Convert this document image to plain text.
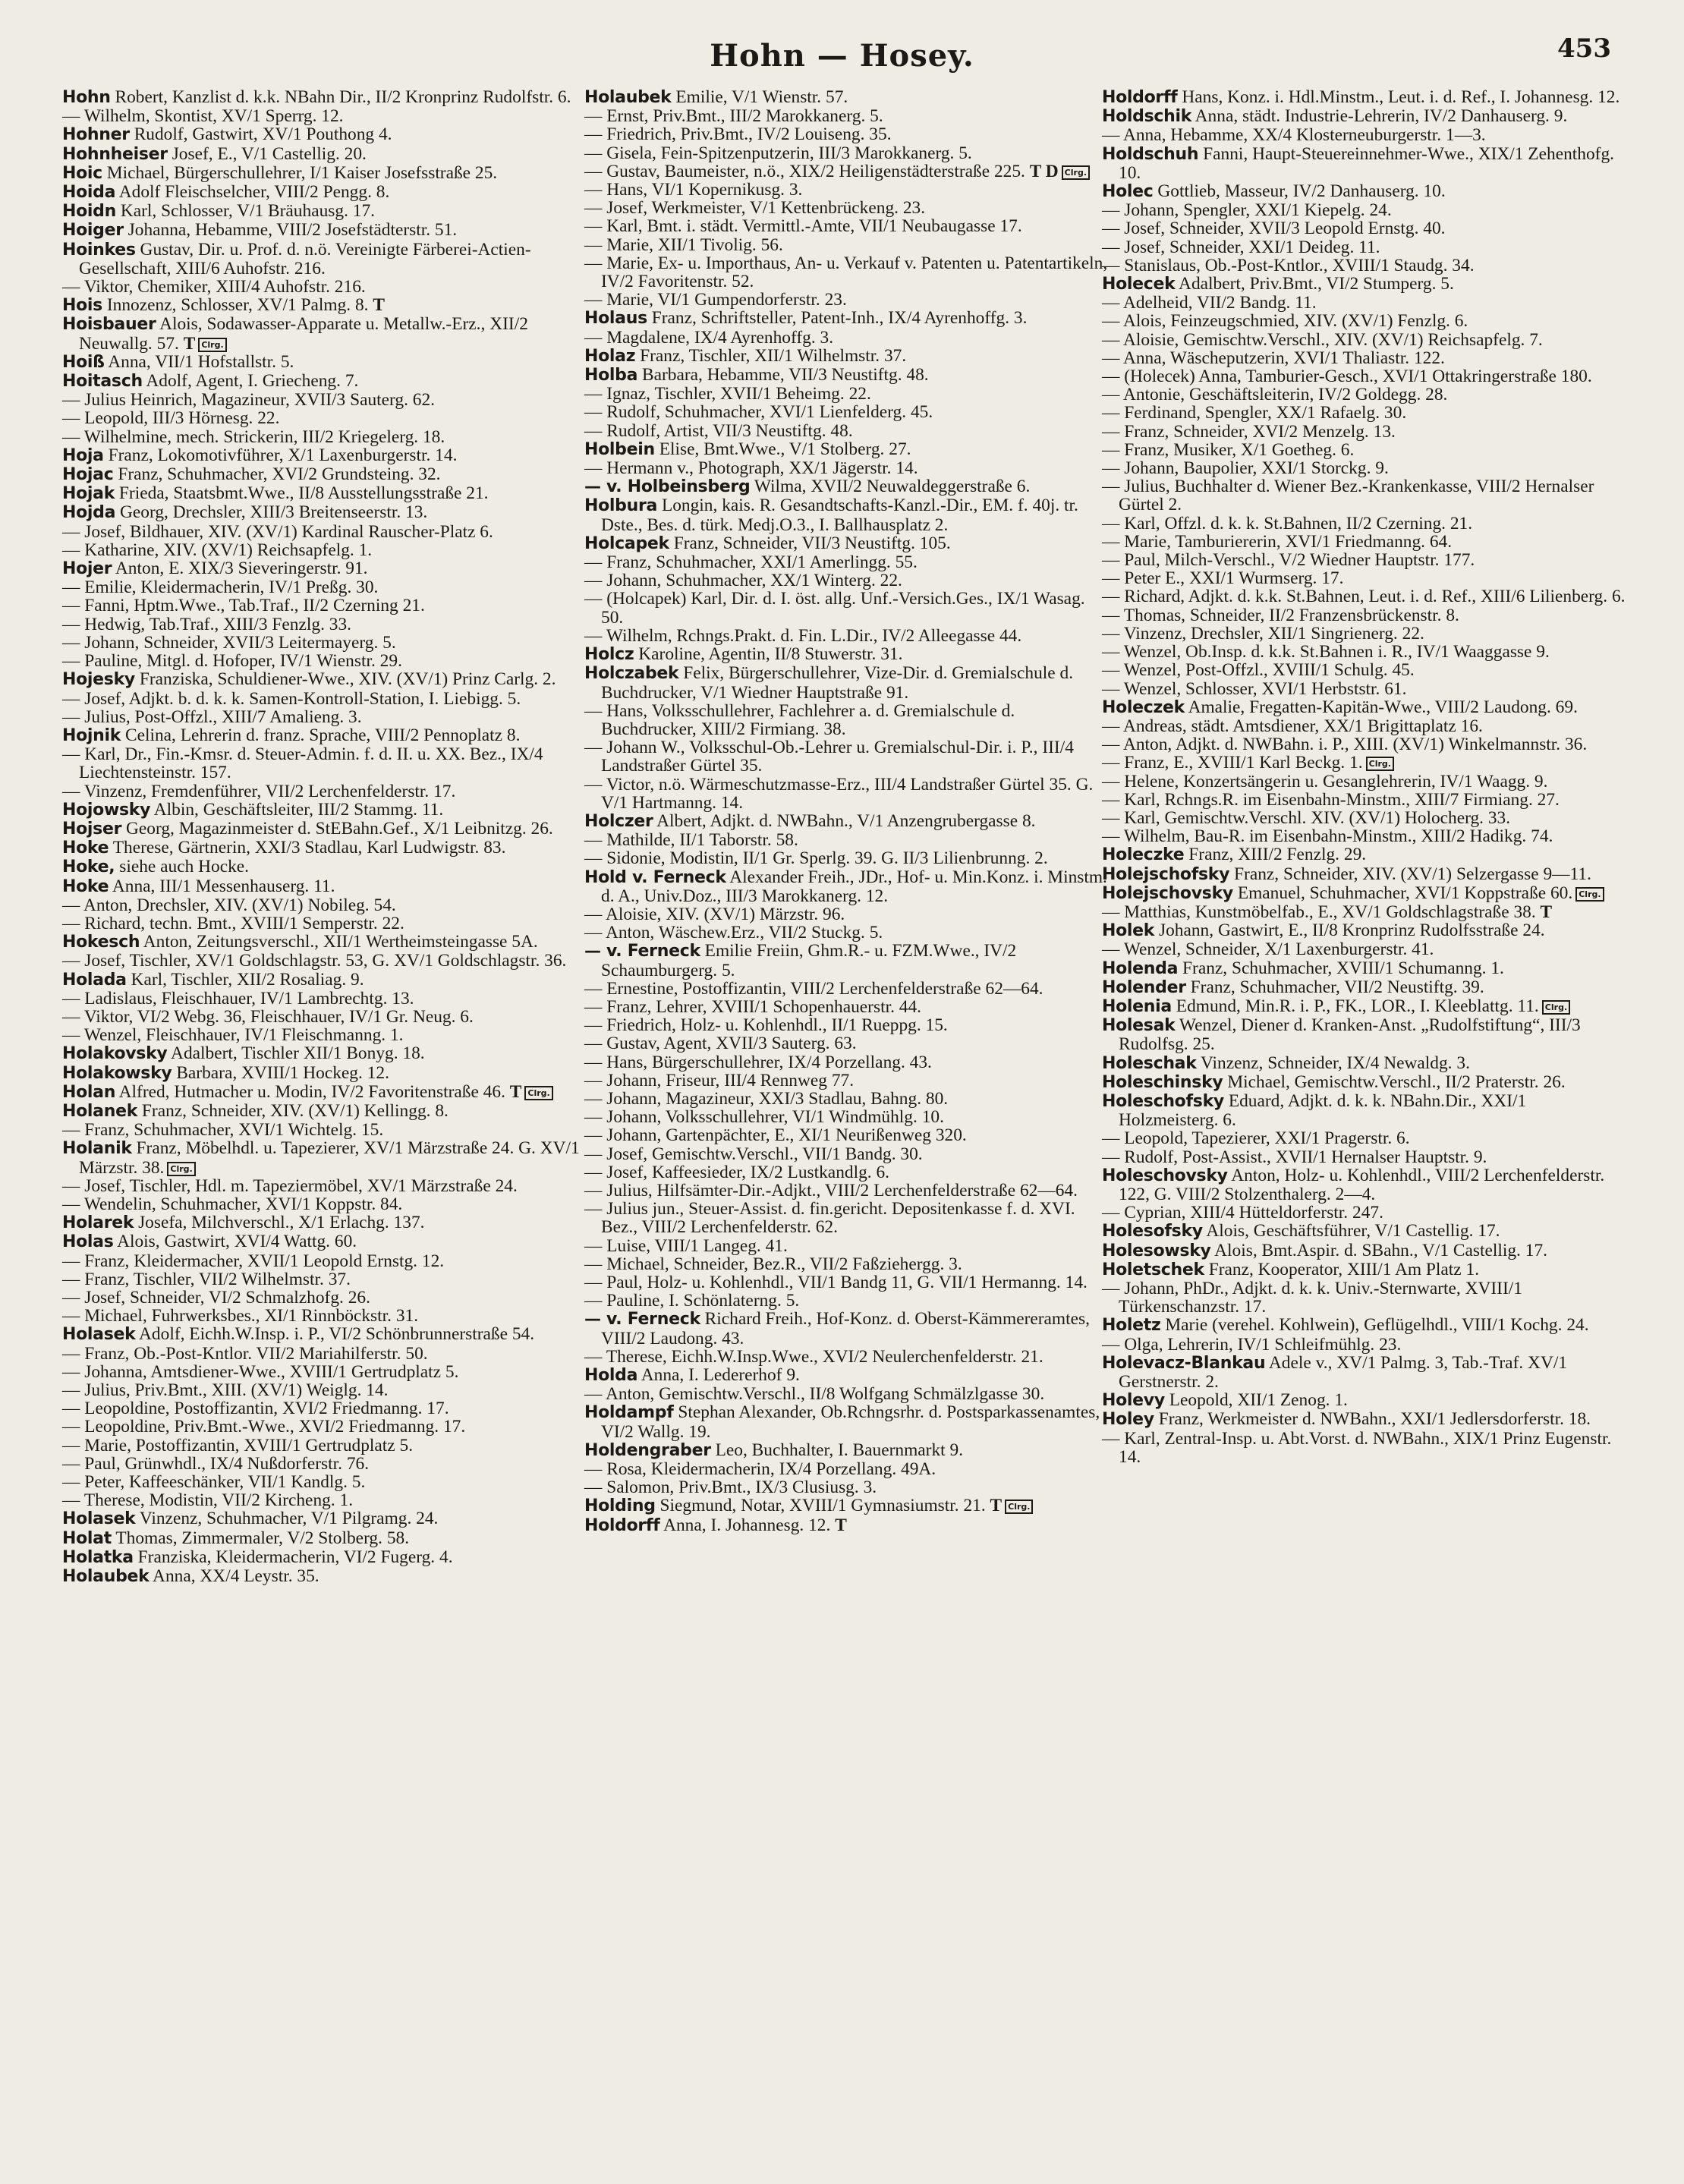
Hohn — Hosey.	453
Hohn Robert, Kanzlist d. k.k. NBahn Dir., II/2 Kronprinz Rudolfstr. 6.
— Wilhelm, Skontist, XV/1 Sperrg. 12.
Hohner Rudolf, Gastwirt, XV/1 Pouthong 4.
Hohnheiser Josef, E., V/1 Castellig. 20.
Hoic Michael, Bürgerschullehrer, I/1 Kaiser Josefsstraße 25.
Hoida Adolf Fleischselcher, VIII/2 Pengg. 8.
Hoidn Karl, Schlosser, V/1 Bräuhausg. 17.
Hoiger Johanna, Hebamme, VIII/2 Josefstädterstr. 51.
Hoinkes Gustav, Dir. u. Prof. d. n.ö. Vereinigte Färberei-Actien-Gesellschaft, XIII/6 Auhofstr. 216.
— Viktor, Chemiker, XIII/4 Auhofstr. 216.
Hois Innozenz, Schlosser, XV/1 Palmg. 8. T
Hoisbauer Alois, Sodawasser-Apparate u. Metallw.-Erz., XII/2 Neuwallg. 57. T Clrg.
Hoiß Anna, VII/1 Hofstallstr. 5.
Hoitasch Adolf, Agent, I. Griecheng. 7.
— Julius Heinrich, Magazineur, XVII/3 Sauterg. 62.
— Leopold, III/3 Hörnesg. 22.
— Wilhelmine, mech. Strickerin, III/2 Kriegelerg. 18.
Hoja Franz, Lokomotivführer, X/1 Laxenburgerstr. 14.
Hojac Franz, Schuhmacher, XVI/2 Grundsteing. 32.
Hojak Frieda, Staatsbmt.Wwe., II/8 Ausstellungsstraße 21.
Hojda Georg, Drechsler, XIII/3 Breitenseerstr. 13.
— Josef, Bildhauer, XIV. (XV/1) Kardinal Rauscher-Platz 6.
— Katharine, XIV. (XV/1) Reichsapfelg. 1.
Hojer Anton, E. XIX/3 Sieveringerstr. 91.
— Emilie, Kleidermacherin, IV/1 Preßg. 30.
— Fanni, Hptm.Wwe., Tab.Traf., II/2 Czerning 21.
— Hedwig, Tab.Traf., XIII/3 Fenzlg. 33.
— Johann, Schneider, XVII/3 Leitermayerg. 5.
— Pauline, Mitgl. d. Hofoper, IV/1 Wienstr. 29.
Hojesky Franziska, Schuldiener-Wwe., XIV. (XV/1) Prinz Carlg. 2.
— Josef, Adjkt. b. d. k. k. Samen-Kontroll-Station, I. Liebigg. 5.
— Julius, Post-Offzl., XIII/7 Amalieng. 3.
Hojnik Celina, Lehrerin d. franz. Sprache, VIII/2 Pennoplatz 8.
— Karl, Dr., Fin.-Kmsr. d. Steuer-Admin. f. d. II. u. XX. Bez., IX/4 Liechtensteinstr. 157.
— Vinzenz, Fremdenführer, VII/2 Lerchenfelderstr. 17.
Hojowsky Albin, Geschäftsleiter, III/2 Stammg. 11.
Hojser Georg, Magazinmeister d. StEBahn.Gef., X/1 Leibnitzg. 26.
Hoke Therese, Gärtnerin, XXI/3 Stadlau, Karl Ludwigstr. 83.
Hoke, siehe auch Hocke.
Hoke Anna, III/1 Messenhauserg. 11.
— Anton, Drechsler, XIV. (XV/1) Nobileg. 54.
— Richard, techn. Bmt., XVIII/1 Semperstr. 22.
Hokesch Anton, Zeitungsverschl., XII/1 Wertheimsteingasse 5A.
— Josef, Tischler, XV/1 Goldschlagstr. 53, G. XV/1 Goldschlagstr. 36.
Holada Karl, Tischler, XII/2 Rosaliag. 9.
— Ladislaus, Fleischhauer, IV/1 Lambrechtg. 13.
— Viktor, VI/2 Webg. 36, Fleischhauer, IV/1 Gr. Neug. 6.
— Wenzel, Fleischhauer, IV/1 Fleischmanng. 1.
Holakovsky Adalbert, Tischler XII/1 Bonyg. 18.
Holakowsky Barbara, XVIII/1 Hockeg. 12.
Holan Alfred, Hutmacher u. Modin, IV/2 Favoritenstraße 46. T Clrg.
Holanek Franz, Schneider, XIV. (XV/1) Kellingg. 8.
— Franz, Schuhmacher, XVI/1 Wichtelg. 15.
Holanik Franz, Möbelhdl. u. Tapezierer, XV/1 Märzstraße 24. G. XV/1 Märzstr. 38. Clrg.
— Josef, Tischler, Hdl. m. Tapeziermöbel, XV/1 Märzstraße 24.
— Wendelin, Schuhmacher, XVI/1 Koppstr. 84.
Holarek Josefa, Milchverschl., X/1 Erlachg. 137.
Holas Alois, Gastwirt, XVI/4 Wattg. 60.
— Franz, Kleidermacher, XVII/1 Leopold Ernstg. 12.
— Franz, Tischler, VII/2 Wilhelmstr. 37.
— Josef, Schneider, VI/2 Schmalzhofg. 26.
— Michael, Fuhrwerksbes., XI/1 Rinnböckstr. 31.
Holasek Adolf, Eichh.W.Insp. i. P., VI/2 Schönbrunnerstraße 54.
— Franz, Ob.-Post-Kntlor. VII/2 Mariahilferstr. 50.
— Johanna, Amtsdiener-Wwe., XVIII/1 Gertrudplatz 5.
— Julius, Priv.Bmt., XIII. (XV/1) Weiglg. 14.
— Leopoldine, Postoffizantin, XVI/2 Friedmanng. 17.
— Leopoldine, Priv.Bmt.-Wwe., XVI/2 Friedmanng. 17.
— Marie, Postoffizantin, XVIII/1 Gertrudplatz 5.
— Paul, Grünwhdl., IX/4 Nußdorferstr. 76.
— Peter, Kaffeeschänker, VII/1 Kandlg. 5.
— Therese, Modistin, VII/2 Kircheng. 1.
Holasek Vinzenz, Schuhmacher, V/1 Pilgramg. 24.
Holat Thomas, Zimmermaler, V/2 Stolberg. 58.
Holatka Franziska, Kleidermacherin, VI/2 Fugerg. 4.
Holaubek Anna, XX/4 Leystr. 35.
Holaubek Emilie, V/1 Wienstr. 57.
— Ernst, Priv.Bmt., III/2 Marokkanerg. 5.
— Friedrich, Priv.Bmt., IV/2 Louiseng. 35.
— Gisela, Fein-Spitzenputzerin, III/3 Marokkanerg. 5.
— Gustav, Baumeister, n.ö., XIX/2 Heiligenstädterstraße 225. T D Clrg.
— Hans, VI/1 Kopernikusg. 3.
— Josef, Werkmeister, V/1 Kettenbrückeng. 23.
— Karl, Bmt. i. städt. Vermittl.-Amte, VII/1 Neubaugasse 17.
— Marie, XII/1 Tivolig. 56.
— Marie, Ex- u. Importhaus, An- u. Verkauf v. Patenten u. Patentartikeln, IV/2 Favoritenstr. 52.
— Marie, VI/1 Gumpendorferstr. 23.
Holaus Franz, Schriftsteller, Patent-Inh., IX/4 Ayrenhoffg. 3.
— Magdalene, IX/4 Ayrenhoffg. 3.
Holaz Franz, Tischler, XII/1 Wilhelmstr. 37.
Holba Barbara, Hebamme, VII/3 Neustiftg. 48.
— Ignaz, Tischler, XVII/1 Beheimg. 22.
— Rudolf, Schuhmacher, XVI/1 Lienfelderg. 45.
— Rudolf, Artist, VII/3 Neustiftg. 48.
Holbein Elise, Bmt.Wwe., V/1 Stolberg. 27.
— Hermann v., Photograph, XX/1 Jägerstr. 14.
— v. Holbeinsberg Wilma, XVII/2 Neuwaldeggerstraße 6.
Holbura Longin, kais. R. Gesandtschafts-Kanzl.-Dir., EM. f. 40j. tr. Dste., Bes. d. türk. Medj.O.3., I. Ballhausplatz 2.
Holcapek Franz, Schneider, VII/3 Neustiftg. 105.
— Franz, Schuhmacher, XXI/1 Amerlingg. 55.
— Johann, Schuhmacher, XX/1 Winterg. 22.
— (Holcapek) Karl, Dir. d. I. öst. allg. Unf.-Versich.Ges., IX/1 Wasag. 50.
— Wilhelm, Rchngs.Prakt. d. Fin. L.Dir., IV/2 Alleegasse 44.
Holcz Karoline, Agentin, II/8 Stuwerstr. 31.
Holczabek Felix, Bürgerschullehrer, Vize-Dir. d. Gremialschule d. Buchdrucker, V/1 Wiedner Hauptstraße 91.
— Hans, Volksschullehrer, Fachlehrer a. d. Gremialschule d. Buchdrucker, XIII/2 Firmiang. 38.
— Johann W., Volksschul-Ob.-Lehrer u. Gremialschul-Dir. i. P., III/4 Landstraßer Gürtel 35.
— Victor, n.ö. Wärmeschutzmasse-Erz., III/4 Landstraßer Gürtel 35. G. V/1 Hartmanng. 14.
Holczer Albert, Adjkt. d. NWBahn., V/1 Anzengrubergasse 8.
— Mathilde, II/1 Taborstr. 58.
— Sidonie, Modistin, II/1 Gr. Sperlg. 39. G. II/3 Lilienbrunng. 2.
Hold v. Ferneck Alexander Freih., JDr., Hof- u. Min.Konz. i. Minstm. d. A., Univ.Doz., III/3 Marokkanerg. 12.
— Aloisie, XIV. (XV/1) Märzstr. 96.
— Anton, Wäschew.Erz., VII/2 Stuckg. 5.
— v. Ferneck Emilie Freiin, Ghm.R.- u. FZM.Wwe., IV/2 Schaumburgerg. 5.
— Ernestine, Postoffizantin, VIII/2 Lerchenfelderstraße 62—64.
— Franz, Lehrer, XVIII/1 Schopenhauerstr. 44.
— Friedrich, Holz- u. Kohlenhdl., II/1 Rueppg. 15.
— Gustav, Agent, XVII/3 Sauterg. 63.
— Hans, Bürgerschullehrer, IX/4 Porzellang. 43.
— Johann, Friseur, III/4 Rennweg 77.
— Johann, Magazineur, XXI/3 Stadlau, Bahng. 80.
— Johann, Volksschullehrer, VI/1 Windmühlg. 10.
— Johann, Gartenpächter, E., XI/1 Neurißenweg 320.
— Josef, Gemischtw.Verschl., VII/1 Bandg. 30.
— Josef, Kaffeesieder, IX/2 Lustkandlg. 6.
— Julius, Hilfsämter-Dir.-Adjkt., VIII/2 Lerchenfelderstraße 62—64.
— Julius jun., Steuer-Assist. d. fin.gericht. Depositenkasse f. d. XVI. Bez., VIII/2 Lerchenfelderstr. 62.
— Luise, VIII/1 Langeg. 41.
— Michael, Schneider, Bez.R., VII/2 Faßziehergg. 3.
— Paul, Holz- u. Kohlenhdl., VII/1 Bandg 11, G. VII/1 Hermanng. 14.
— Pauline, I. Schönlaterng. 5.
— v. Ferneck Richard Freih., Hof-Konz. d. Oberst-Kämmereramtes, VIII/2 Laudong. 43.
— Therese, Eichh.W.Insp.Wwe., XVI/2 Neulerchenfelderstr. 21.
Holda Anna, I. Ledererhof 9.
— Anton, Gemischtw.Verschl., II/8 Wolfgang Schmälzlgasse 30.
Holdampf Stephan Alexander, Ob.Rchngsrhr. d. Postsparkassenamtes, VI/2 Wallg. 19.
Holdengraber Leo, Buchhalter, I. Bauernmarkt 9.
— Rosa, Kleidermacherin, IX/4 Porzellang. 49A.
— Salomon, Priv.Bmt., IX/3 Clusiusg. 3.
Holding Siegmund, Notar, XVIII/1 Gymnasiumstr. 21. T Clrg.
Holdorff Anna, I. Johannesg. 12. T
Holdorff Hans, Konz. i. Hdl.Minstm., Leut. i. d. Ref., I. Johannesg. 12.
Holdschik Anna, städt. Industrie-Lehrerin, IV/2 Danhauserg. 9.
— Anna, Hebamme, XX/4 Klosterneuburgerstr. 1—3.
Holdschuh Fanni, Haupt-Steuereinnehmer-Wwe., XIX/1 Zehenthofg. 10.
Holec Gottlieb, Masseur, IV/2 Danhauserg. 10.
— Johann, Spengler, XXI/1 Kiepelg. 24.
— Josef, Schneider, XVII/3 Leopold Ernstg. 40.
— Josef, Schneider, XXI/1 Deideg. 11.
— Stanislaus, Ob.-Post-Kntlor., XVIII/1 Staudg. 34.
Holecek Adalbert, Priv.Bmt., VI/2 Stumperg. 5.
— Adelheid, VII/2 Bandg. 11.
— Alois, Feinzeugschmied, XIV. (XV/1) Fenzlg. 6.
— Aloisie, Gemischtw.Verschl., XIV. (XV/1) Reichsapfelg. 7.
— Anna, Wäscheputzerin, XVI/1 Thaliastr. 122.
— (Holecek) Anna, Tamburier-Gesch., XVI/1 Ottakringerstraße 180.
— Antonie, Geschäftsleiterin, IV/2 Goldegg. 28.
— Ferdinand, Spengler, XX/1 Rafaelg. 30.
— Franz, Schneider, XVI/2 Menzelg. 13.
— Franz, Musiker, X/1 Goetheg. 6.
— Johann, Baupolier, XXI/1 Storckg. 9.
— Julius, Buchhalter d. Wiener Bez.-Krankenkasse, VIII/2 Hernalser Gürtel 2.
— Karl, Offzl. d. k. k. St.Bahnen, II/2 Czerning. 21.
— Marie, Tamburiererin, XVI/1 Friedmanng. 64.
— Paul, Milch-Verschl., V/2 Wiedner Hauptstr. 177.
— Peter E., XXI/1 Wurmserg. 17.
— Richard, Adjkt. d. k.k. St.Bahnen, Leut. i. d. Ref., XIII/6 Lilienberg. 6.
— Thomas, Schneider, II/2 Franzensbrückenstr. 8.
— Vinzenz, Drechsler, XII/1 Singrienerg. 22.
— Wenzel, Ob.Insp. d. k.k. St.Bahnen i. R., IV/1 Waaggasse 9.
— Wenzel, Post-Offzl., XVIII/1 Schulg. 45.
— Wenzel, Schlosser, XVI/1 Herbststr. 61.
Holeczek Amalie, Fregatten-Kapitän-Wwe., VIII/2 Laudong. 69.
— Andreas, städt. Amtsdiener, XX/1 Brigittaplatz 16.
— Anton, Adjkt. d. NWBahn. i. P., XIII. (XV/1) Winkelmannstr. 36.
— Franz, E., XVIII/1 Karl Beckg. 1. Clrg.
— Helene, Konzertsängerin u. Gesanglehrerin, IV/1 Waagg. 9.
— Karl, Rchngs.R. im Eisenbahn-Minstm., XIII/7 Firmiang. 27.
— Karl, Gemischtw.Verschl. XIV. (XV/1) Holocherg. 33.
— Wilhelm, Bau-R. im Eisenbahn-Minstm., XIII/2 Hadikg. 74.
Holeczke Franz, XIII/2 Fenzlg. 29.
Holejschofsky Franz, Schneider, XIV. (XV/1) Selzergasse 9—11.
Holejschovsky Emanuel, Schuhmacher, XVI/1 Koppstraße 60. Clrg.
— Matthias, Kunstmöbelfab., E., XV/1 Goldschlagstraße 38. T
Holek Johann, Gastwirt, E., II/8 Kronprinz Rudolfsstraße 24.
— Wenzel, Schneider, X/1 Laxenburgerstr. 41.
Holenda Franz, Schuhmacher, XVIII/1 Schumanng. 1.
Holender Franz, Schuhmacher, VII/2 Neustiftg. 39.
Holenia Edmund, Min.R. i. P., FK., LOR., I. Kleeblattg. 11. Clrg.
Holesak Wenzel, Diener d. Kranken-Anst. „Rudolfstiftung“, III/3 Rudolfsg. 25.
Holeschak Vinzenz, Schneider, IX/4 Newaldg. 3.
Holeschinsky Michael, Gemischtw.Verschl., II/2 Praterstr. 26.
Holeschofsky Eduard, Adjkt. d. k. k. NBahn.Dir., XXI/1 Holzmeisterg. 6.
— Leopold, Tapezierer, XXI/1 Pragerstr. 6.
— Rudolf, Post-Assist., XVII/1 Hernalser Hauptstr. 9.
Holeschovsky Anton, Holz- u. Kohlenhdl., VIII/2 Lerchenfelderstr. 122, G. VIII/2 Stolzenthalerg. 2—4.
— Cyprian, XIII/4 Hütteldorferstr. 247.
Holesofsky Alois, Geschäftsführer, V/1 Castellig. 17.
Holesowsky Alois, Bmt.Aspir. d. SBahn., V/1 Castellig. 17.
Holetschek Franz, Kooperator, XIII/1 Am Platz 1.
— Johann, PhDr., Adjkt. d. k. k. Univ.-Sternwarte, XVIII/1 Türkenschanzstr. 17.
Holetz Marie (verehel. Kohlwein), Geflügelhdl., VIII/1 Kochg. 24.
— Olga, Lehrerin, IV/1 Schleifmühlg. 23.
Holevacz-Blankau Adele v., XV/1 Palmg. 3, Tab.-Traf. XV/1 Gerstnerstr. 2.
Holevy Leopold, XII/1 Zenog. 1.
Holey Franz, Werkmeister d. NWBahn., XXI/1 Jedlersdorferstr. 18.
— Karl, Zentral-Insp. u. Abt.Vorst. d. NWBahn., XIX/1 Prinz Eugenstr. 14.
